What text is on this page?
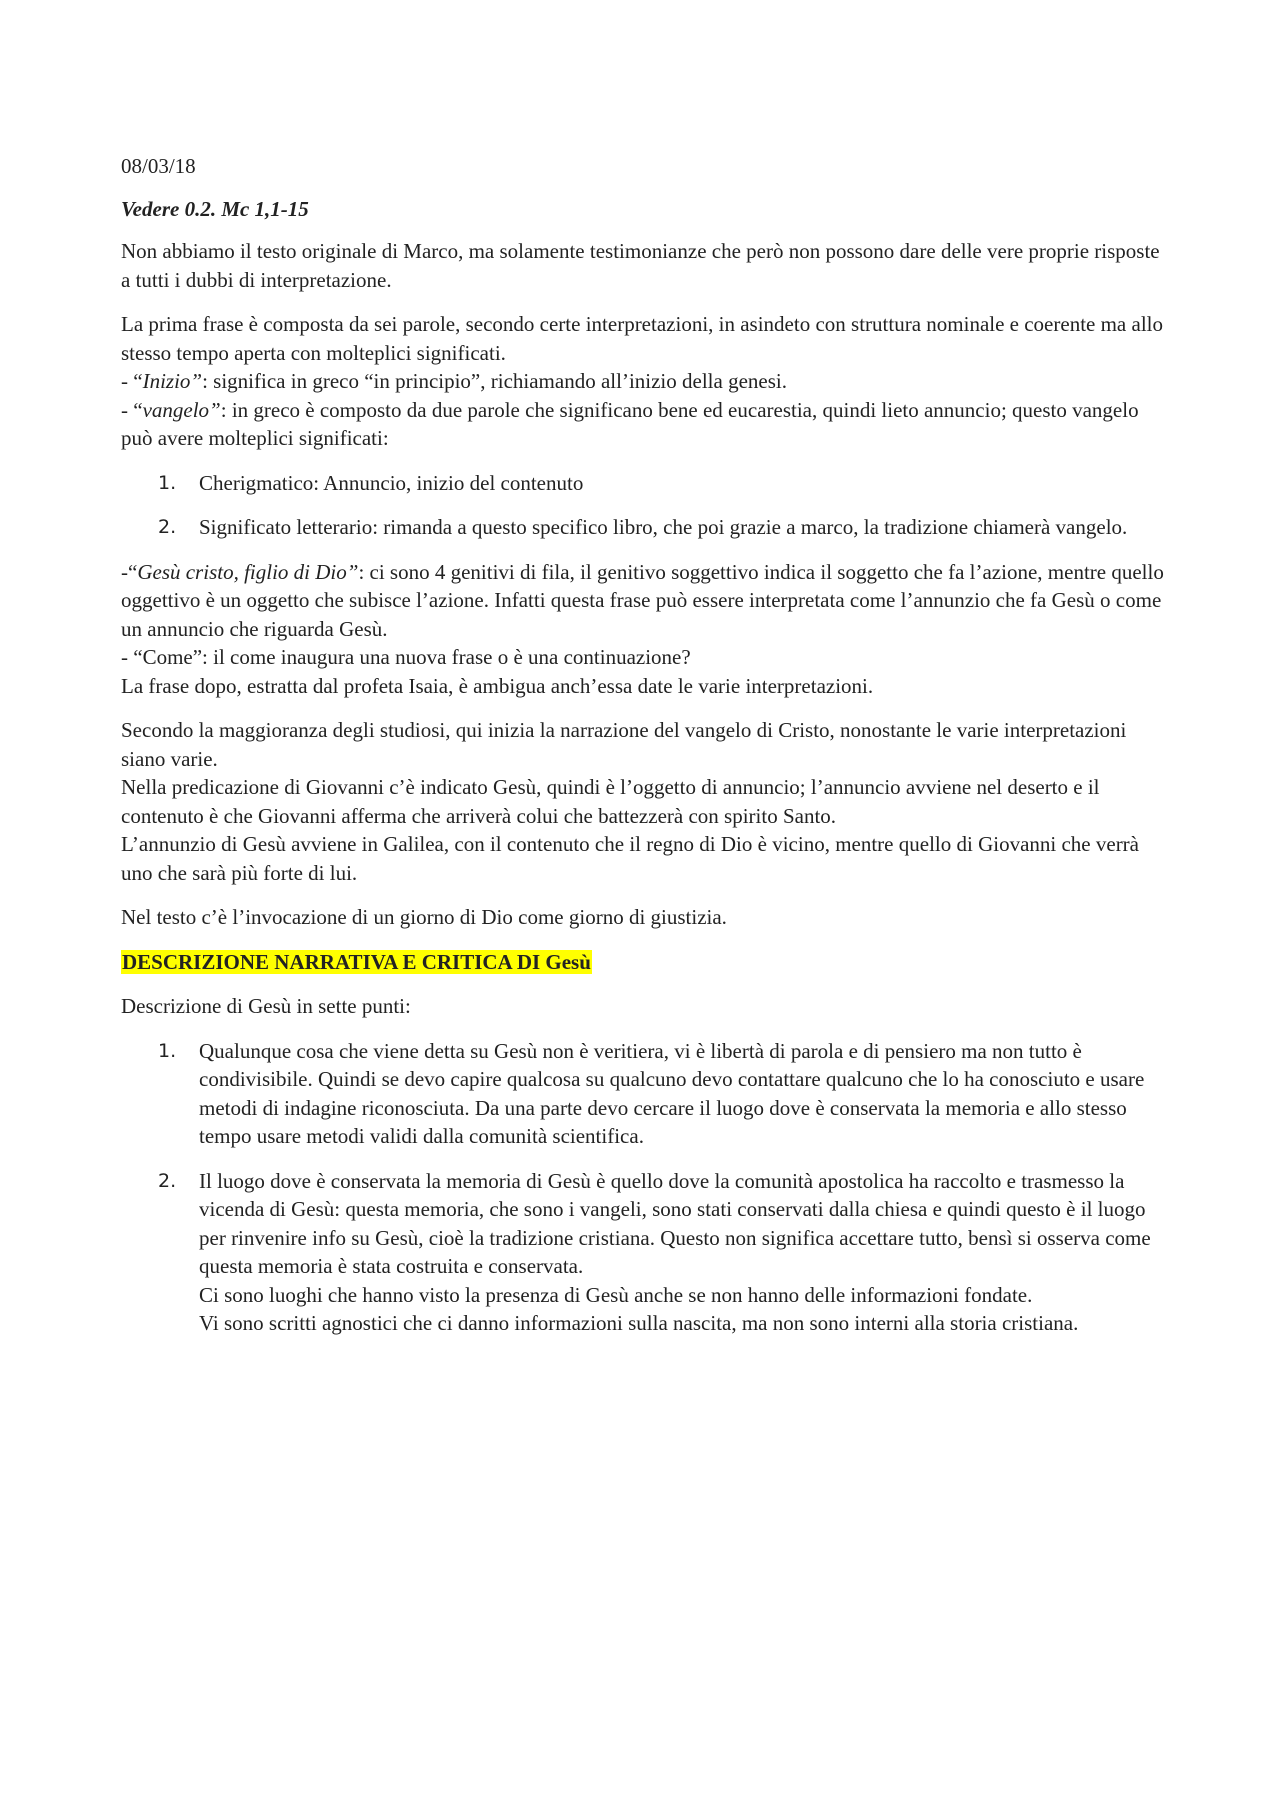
08/03/18

Vedere 0.2. Mc 1,1-15

Non abbiamo il testo originale di Marco, ma solamente testimonianze che però non possono dare delle vere proprie risposte a tutti i dubbi di interpretazione.

La prima frase è composta da sei parole, secondo certe interpretazioni, in asindeto con struttura nominale e coerente ma allo stesso tempo aperta con molteplici significati.

- “Inizio”: significa in greco “in principio”, richiamando all’inizio della genesi.

- “vangelo”: in greco è composto da due parole che significano bene ed eucarestia, quindi lieto annuncio; questo vangelo può avere molteplici significati:

1. Cherigmatico: Annuncio, inizio del contenuto
2. Significato letterario: rimanda a questo specifico libro, che poi grazie a marco, la tradizione chiamerà vangelo.

-“Gesù cristo, figlio di Dio”: ci sono 4 genitivi di fila, il genitivo soggettivo indica il soggetto che fa l’azione, mentre quello oggettivo è un oggetto che subisce l’azione. Infatti questa frase può essere interpretata come l’annunzio che fa Gesù o come un annuncio che riguarda Gesù.

- “Come”: il come inaugura una nuova frase o è una continuazione?

La frase dopo, estratta dal profeta Isaia, è ambigua anch’essa date le varie interpretazioni.

Secondo la maggioranza degli studiosi, qui inizia la narrazione del vangelo di Cristo, nonostante le varie interpretazioni siano varie.

Nella predicazione di Giovanni c’è indicato Gesù, quindi è l’oggetto di annuncio; l’annuncio avviene nel deserto e il contenuto è che Giovanni afferma che arriverà colui che battezzerà con spirito Santo.

L’annunzio di Gesù avviene in Galilea, con il contenuto che il regno di Dio è vicino, mentre quello di Giovanni che verrà uno che sarà più forte di lui.

Nel testo c’è l’invocazione di un giorno di Dio come giorno di giustizia.

DESCRIZIONE NARRATIVA E CRITICA DI Gesù

Descrizione di Gesù in sette punti:

1. Qualunque cosa che viene detta su Gesù non è veritiera, vi è libertà di parola e di pensiero ma non tutto è condivisibile. Quindi se devo capire qualcosa su qualcuno devo contattare qualcuno che lo ha conosciuto e usare metodi di indagine riconosciuta. Da una parte devo cercare il luogo dove è conservata la memoria e allo stesso tempo usare metodi validi dalla comunità scientifica.
2. Il luogo dove è conservata la memoria di Gesù è quello dove la comunità apostolica ha raccolto e trasmesso la vicenda di Gesù: questa memoria, che sono i vangeli, sono stati conservati dalla chiesa e quindi questo è il luogo per rinvenire info su Gesù, cioè la tradizione cristiana. Questo non significa accettare tutto, bensì si osserva come questa memoria è stata costruita e conservata.
Ci sono luoghi che hanno visto la presenza di Gesù anche se non hanno delle informazioni fondate.
Vi sono scritti agnostici che ci danno informazioni sulla nascita, ma non sono interni alla storia cristiana.
